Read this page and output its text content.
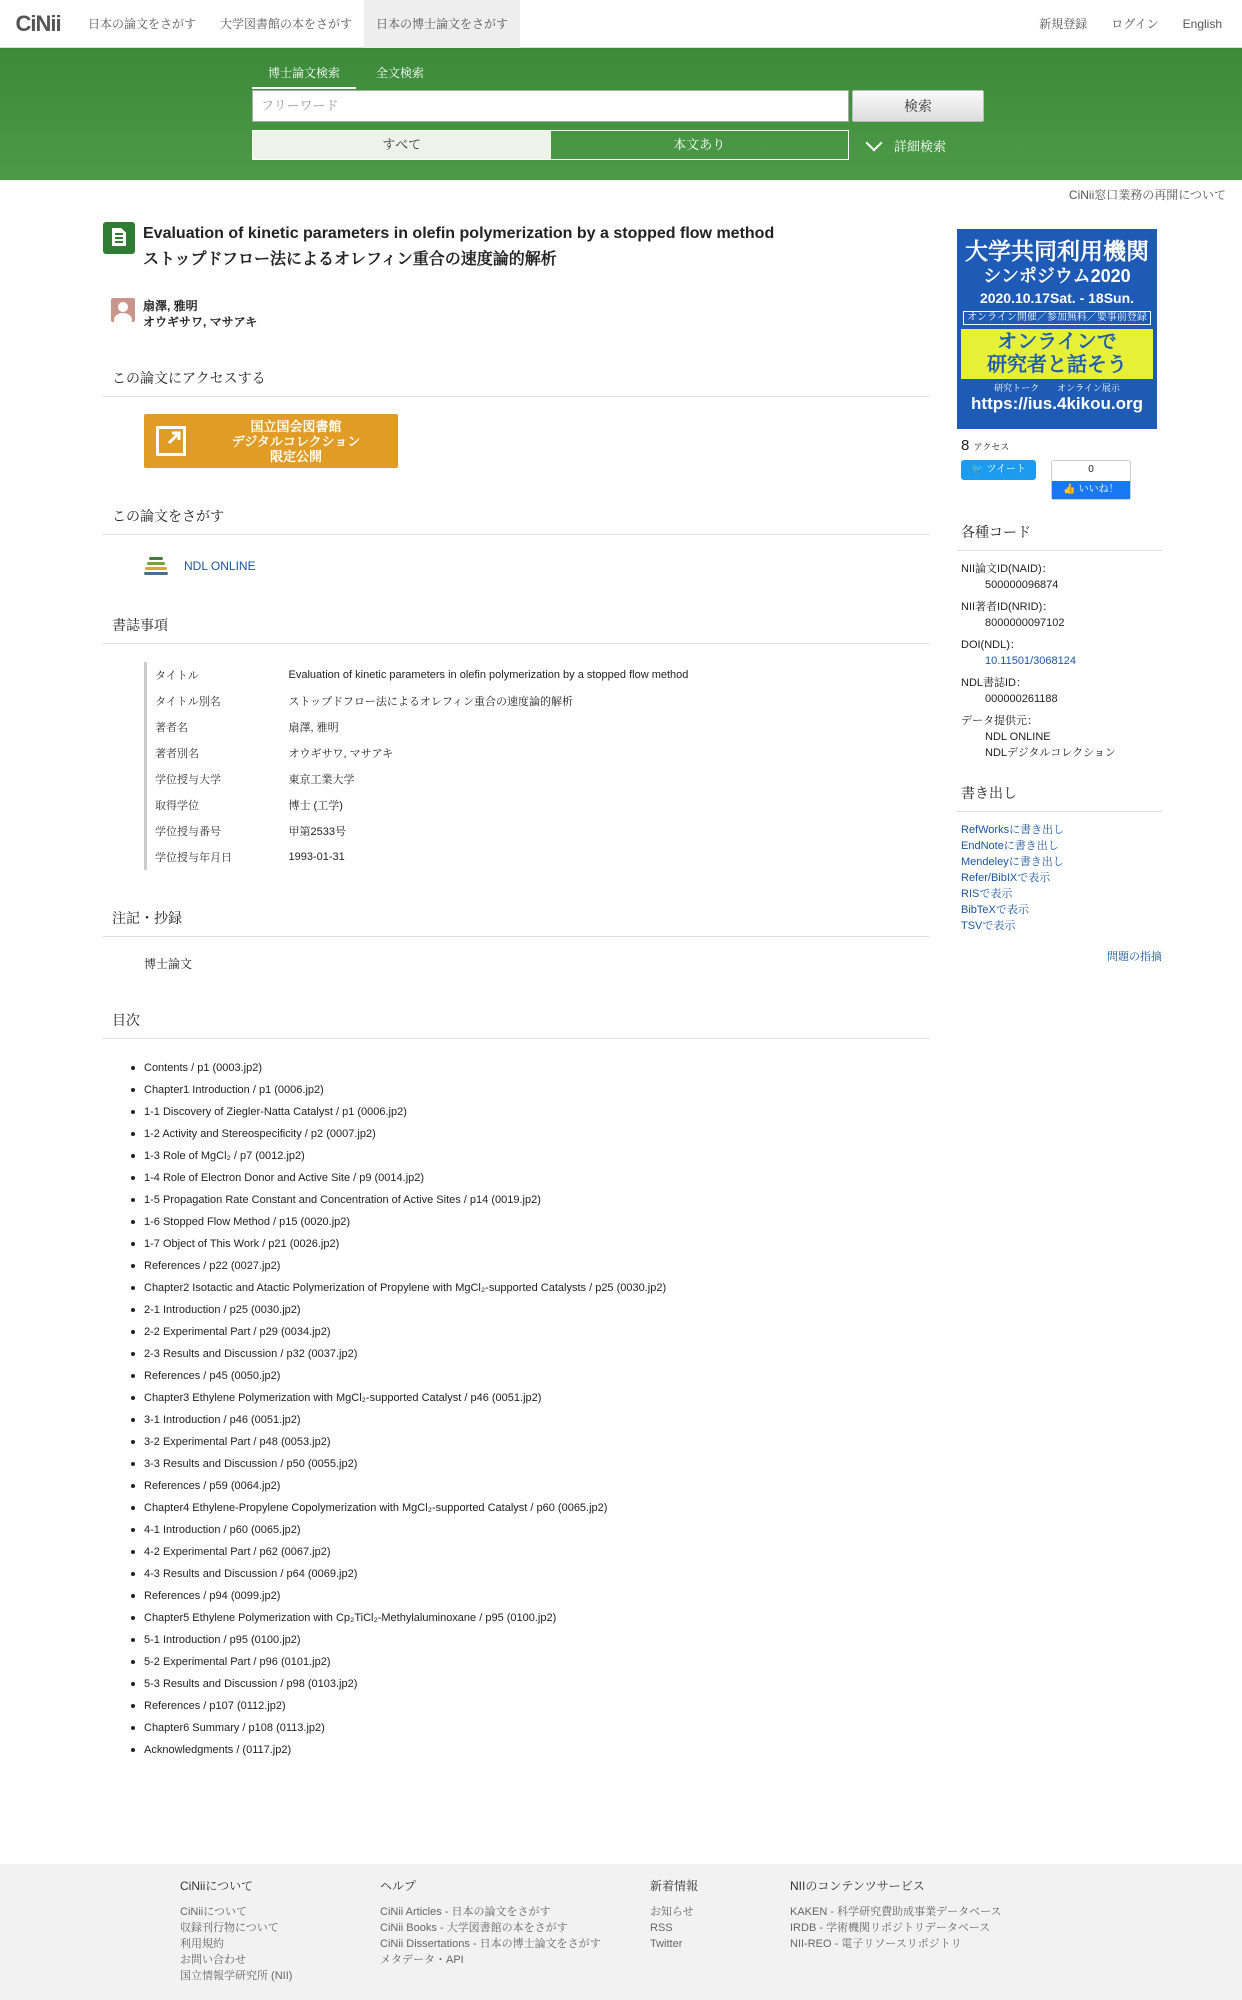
CiNii	日本の論文をさがす	大学図書館の本をさがす	日本の博士論文をさがす	新規登録 ログイン English
博士論文検索	全文検索
フリーワード	検索
すべて	本文あり	詳細検索
CiNii窓口業務の再開について
Evaluation of kinetic parameters in olefin polymerization by a stopped flow method
ストップドフロー法によるオレフィン重合の速度論的解析
扇澤, 雅明
オウギサワ, マサアキ
この論文にアクセスする
国立国会図書館
デジタルコレクション
限定公開
この論文をさがす
NDL ONLINE
書誌事項
タイトル	Evaluation of kinetic parameters in olefin polymerization by a stopped flow method
タイトル別名	ストップドフロー法によるオレフィン重合の速度論的解析
著者名	扇澤, 雅明
著者別名	オウギサワ, マサアキ
学位授与大学	東京工業大学
取得学位	博士 (工学)
学位授与番号	甲第2533号
学位授与年月日	1993-01-31
注記・抄録
博士論文
目次
Contents / p1 (0003.jp2)
Chapter1 Introduction / p1 (0006.jp2)
1-1 Discovery of Ziegler-Natta Catalyst / p1 (0006.jp2)
1-2 Activity and Stereospecificity / p2 (0007.jp2)
1-3 Role of MgCl₂ / p7 (0012.jp2)
1-4 Role of Electron Donor and Active Site / p9 (0014.jp2)
1-5 Propagation Rate Constant and Concentration of Active Sites / p14 (0019.jp2)
1-6 Stopped Flow Method / p15 (0020.jp2)
1-7 Object of This Work / p21 (0026.jp2)
References / p22 (0027.jp2)
Chapter2 Isotactic and Atactic Polymerization of Propylene with MgCl₂-supported Catalysts / p25 (0030.jp2)
2-1 Introduction / p25 (0030.jp2)
2-2 Experimental Part / p29 (0034.jp2)
2-3 Results and Discussion / p32 (0037.jp2)
References / p45 (0050.jp2)
Chapter3 Ethylene Polymerization with MgCl₂-supported Catalyst / p46 (0051.jp2)
3-1 Introduction / p46 (0051.jp2)
3-2 Experimental Part / p48 (0053.jp2)
3-3 Results and Discussion / p50 (0055.jp2)
References / p59 (0064.jp2)
Chapter4 Ethylene-Propylene Copolymerization with MgCl₂-supported Catalyst / p60 (0065.jp2)
4-1 Introduction / p60 (0065.jp2)
4-2 Experimental Part / p62 (0067.jp2)
4-3 Results and Discussion / p64 (0069.jp2)
References / p94 (0099.jp2)
Chapter5 Ethylene Polymerization with Cp₂TiCl₂-Methylaluminoxane / p95 (0100.jp2)
5-1 Introduction / p95 (0100.jp2)
5-2 Experimental Part / p96 (0101.jp2)
5-3 Results and Discussion / p98 (0103.jp2)
References / p107 (0112.jp2)
Chapter6 Summary / p108 (0113.jp2)
Acknowledgments / (0117.jp2)
大学共同利用機関
シンポジウム2020
2020.10.17Sat. - 18Sun.
オンライン開催／参加無料／要事前登録
オンラインで
研究者と話そう
研究トーク　　オンライン展示
https://ius.4kikou.org
8 アクセス
🐦 ツイート	0
👍 いいね！
各種コード
NII論文ID(NAID)：
500000096874
NII著者ID(NRID)：
8000000097102
DOI(NDL)：
10.11501/3068124
NDL書誌ID：
000000261188
データ提供元：
NDL ONLINE
NDLデジタルコレクション
書き出し
RefWorksに書き出し
EndNoteに書き出し
Mendeleyに書き出し
Refer/BibIXで表示
RISで表示
BibTeXで表示
TSVで表示
問題の指摘
CiNiiについて
CiNiiについて
収録刊行物について
利用規約
お問い合わせ
国立情報学研究所 (NII)
ヘルプ
CiNii Articles - 日本の論文をさがす
CiNii Books - 大学図書館の本をさがす
CiNii Dissertations - 日本の博士論文をさがす
メタデータ・API
新着情報
お知らせ
RSS
Twitter
NIIのコンテンツサービス
KAKEN - 科学研究費助成事業データベース
IRDB - 学術機関リポジトリデータベース
NII-REO - 電子リソースリポジトリ
